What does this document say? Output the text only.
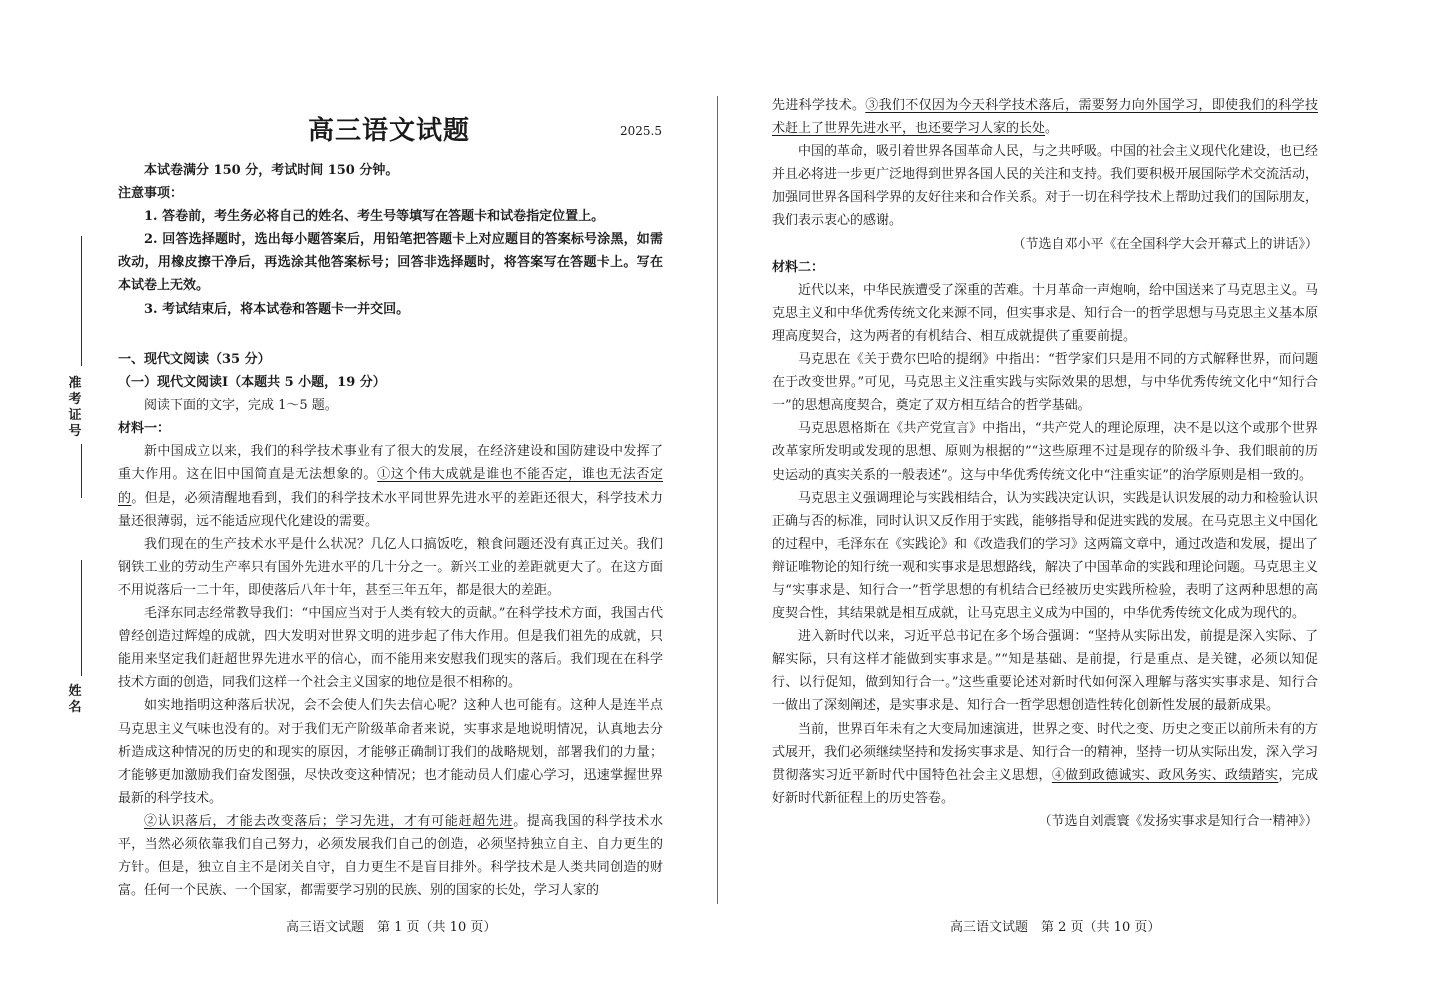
准考证号
姓名
高三语文试题	2025.5

本试卷满分 150 分，考试时间 150 分钟。

注意事项：

1. 答卷前，考生务必将自己的姓名、考生号等填写在答题卡和试卷指定位置上。

2. 回答选择题时，选出每小题答案后，用铅笔把答题卡上对应题目的答案标号涂黑，如需改动，用橡皮擦干净后，再选涂其他答案标号；回答非选择题时，将答案写在答题卡上。写在本试卷上无效。

3. 考试结束后，将本试卷和答题卡一并交回。

一、现代文阅读（35 分）

（一）现代文阅读Ⅰ（本题共 5 小题，19 分）

阅读下面的文字，完成 1～5 题。

材料一：

新中国成立以来，我们的科学技术事业有了很大的发展，在经济建设和国防建设中发挥了重大作用。这在旧中国简直是无法想象的。①这个伟大成就是谁也不能否定，谁也无法否定的。但是，必须清醒地看到，我们的科学技术水平同世界先进水平的差距还很大，科学技术力量还很薄弱，远不能适应现代化建设的需要。

我们现在的生产技术水平是什么状况？几亿人口搞饭吃，粮食问题还没有真正过关。我们钢铁工业的劳动生产率只有国外先进水平的几十分之一。新兴工业的差距就更大了。在这方面不用说落后一二十年，即使落后八年十年，甚至三年五年，都是很大的差距。

毛泽东同志经常教导我们：“中国应当对于人类有较大的贡献。”在科学技术方面，我国古代曾经创造过辉煌的成就，四大发明对世界文明的进步起了伟大作用。但是我们祖先的成就，只能用来坚定我们赶超世界先进水平的信心，而不能用来安慰我们现实的落后。我们现在在科学技术方面的创造，同我们这样一个社会主义国家的地位是很不相称的。

如实地指明这种落后状况，会不会使人们失去信心呢？这种人也可能有。这种人是连半点马克思主义气味也没有的。对于我们无产阶级革命者来说，实事求是地说明情况，认真地去分析造成这种情况的历史的和现实的原因，才能够正确制订我们的战略规划，部署我们的力量；才能够更加激励我们奋发图强，尽快改变这种情况；也才能动员人们虚心学习，迅速掌握世界最新的科学技术。

②认识落后，才能去改变落后；学习先进，才有可能赶超先进。提高我国的科学技术水平，当然必须依靠我们自己努力，必须发展我们自己的创造，必须坚持独立自主、自力更生的方针。但是，独立自主不是闭关自守，自力更生不是盲目排外。科学技术是人类共同创造的财富。任何一个民族、一个国家，都需要学习别的民族、别的国家的长处，学习人家的

高三语文试题　第 1 页（共 10 页）

先进科学技术。③我们不仅因为今天科学技术落后，需要努力向外国学习，即使我们的科学技术赶上了世界先进水平，也还要学习人家的长处。

中国的革命，吸引着世界各国革命人民，与之共呼吸。中国的社会主义现代化建设，也已经并且必将进一步更广泛地得到世界各国人民的关注和支持。我们要积极开展国际学术交流活动，加强同世界各国科学界的友好往来和合作关系。对于一切在科学技术上帮助过我们的国际朋友，我们表示衷心的感谢。

（节选自邓小平《在全国科学大会开幕式上的讲话》）

材料二：

近代以来，中华民族遭受了深重的苦难。十月革命一声炮响，给中国送来了马克思主义。马克思主义和中华优秀传统文化来源不同，但实事求是、知行合一的哲学思想与马克思主义基本原理高度契合，这为两者的有机结合、相互成就提供了重要前提。

马克思在《关于费尔巴哈的提纲》中指出：“哲学家们只是用不同的方式解释世界，而问题在于改变世界。”可见，马克思主义注重实践与实际效果的思想，与中华优秀传统文化中“知行合一”的思想高度契合，奠定了双方相互结合的哲学基础。

马克思恩格斯在《共产党宣言》中指出，“共产党人的理论原理，决不是以这个或那个世界改革家所发明或发现的思想、原则为根据的”“这些原理不过是现存的阶级斗争、我们眼前的历史运动的真实关系的一般表述”。这与中华优秀传统文化中“注重实证”的治学原则是相一致的。

马克思主义强调理论与实践相结合，认为实践决定认识，实践是认识发展的动力和检验认识正确与否的标准，同时认识又反作用于实践，能够指导和促进实践的发展。在马克思主义中国化的过程中，毛泽东在《实践论》和《改造我们的学习》这两篇文章中，通过改造和发展，提出了辩证唯物论的知行统一观和实事求是思想路线，解决了中国革命的实践和理论问题。马克思主义与“实事求是、知行合一”哲学思想的有机结合已经被历史实践所检验，表明了这两种思想的高度契合性，其结果就是相互成就，让马克思主义成为中国的，中华优秀传统文化成为现代的。

进入新时代以来，习近平总书记在多个场合强调：“坚持从实际出发，前提是深入实际、了解实际，只有这样才能做到实事求是。”“知是基础、是前提，行是重点、是关键，必须以知促行、以行促知，做到知行合一。”这些重要论述对新时代如何深入理解与落实实事求是、知行合一做出了深刻阐述，是实事求是、知行合一哲学思想创造性转化创新性发展的最新成果。

当前，世界百年未有之大变局加速演进，世界之变、时代之变、历史之变正以前所未有的方式展开，我们必须继续坚持和发扬实事求是、知行合一的精神，坚持一切从实际出发，深入学习贯彻落实习近平新时代中国特色社会主义思想，④做到政德诚实、政风务实、政绩踏实，完成好新时代新征程上的历史答卷。

（节选自刘震寰《发扬实事求是知行合一精神》）

高三语文试题　第 2 页（共 10 页）
